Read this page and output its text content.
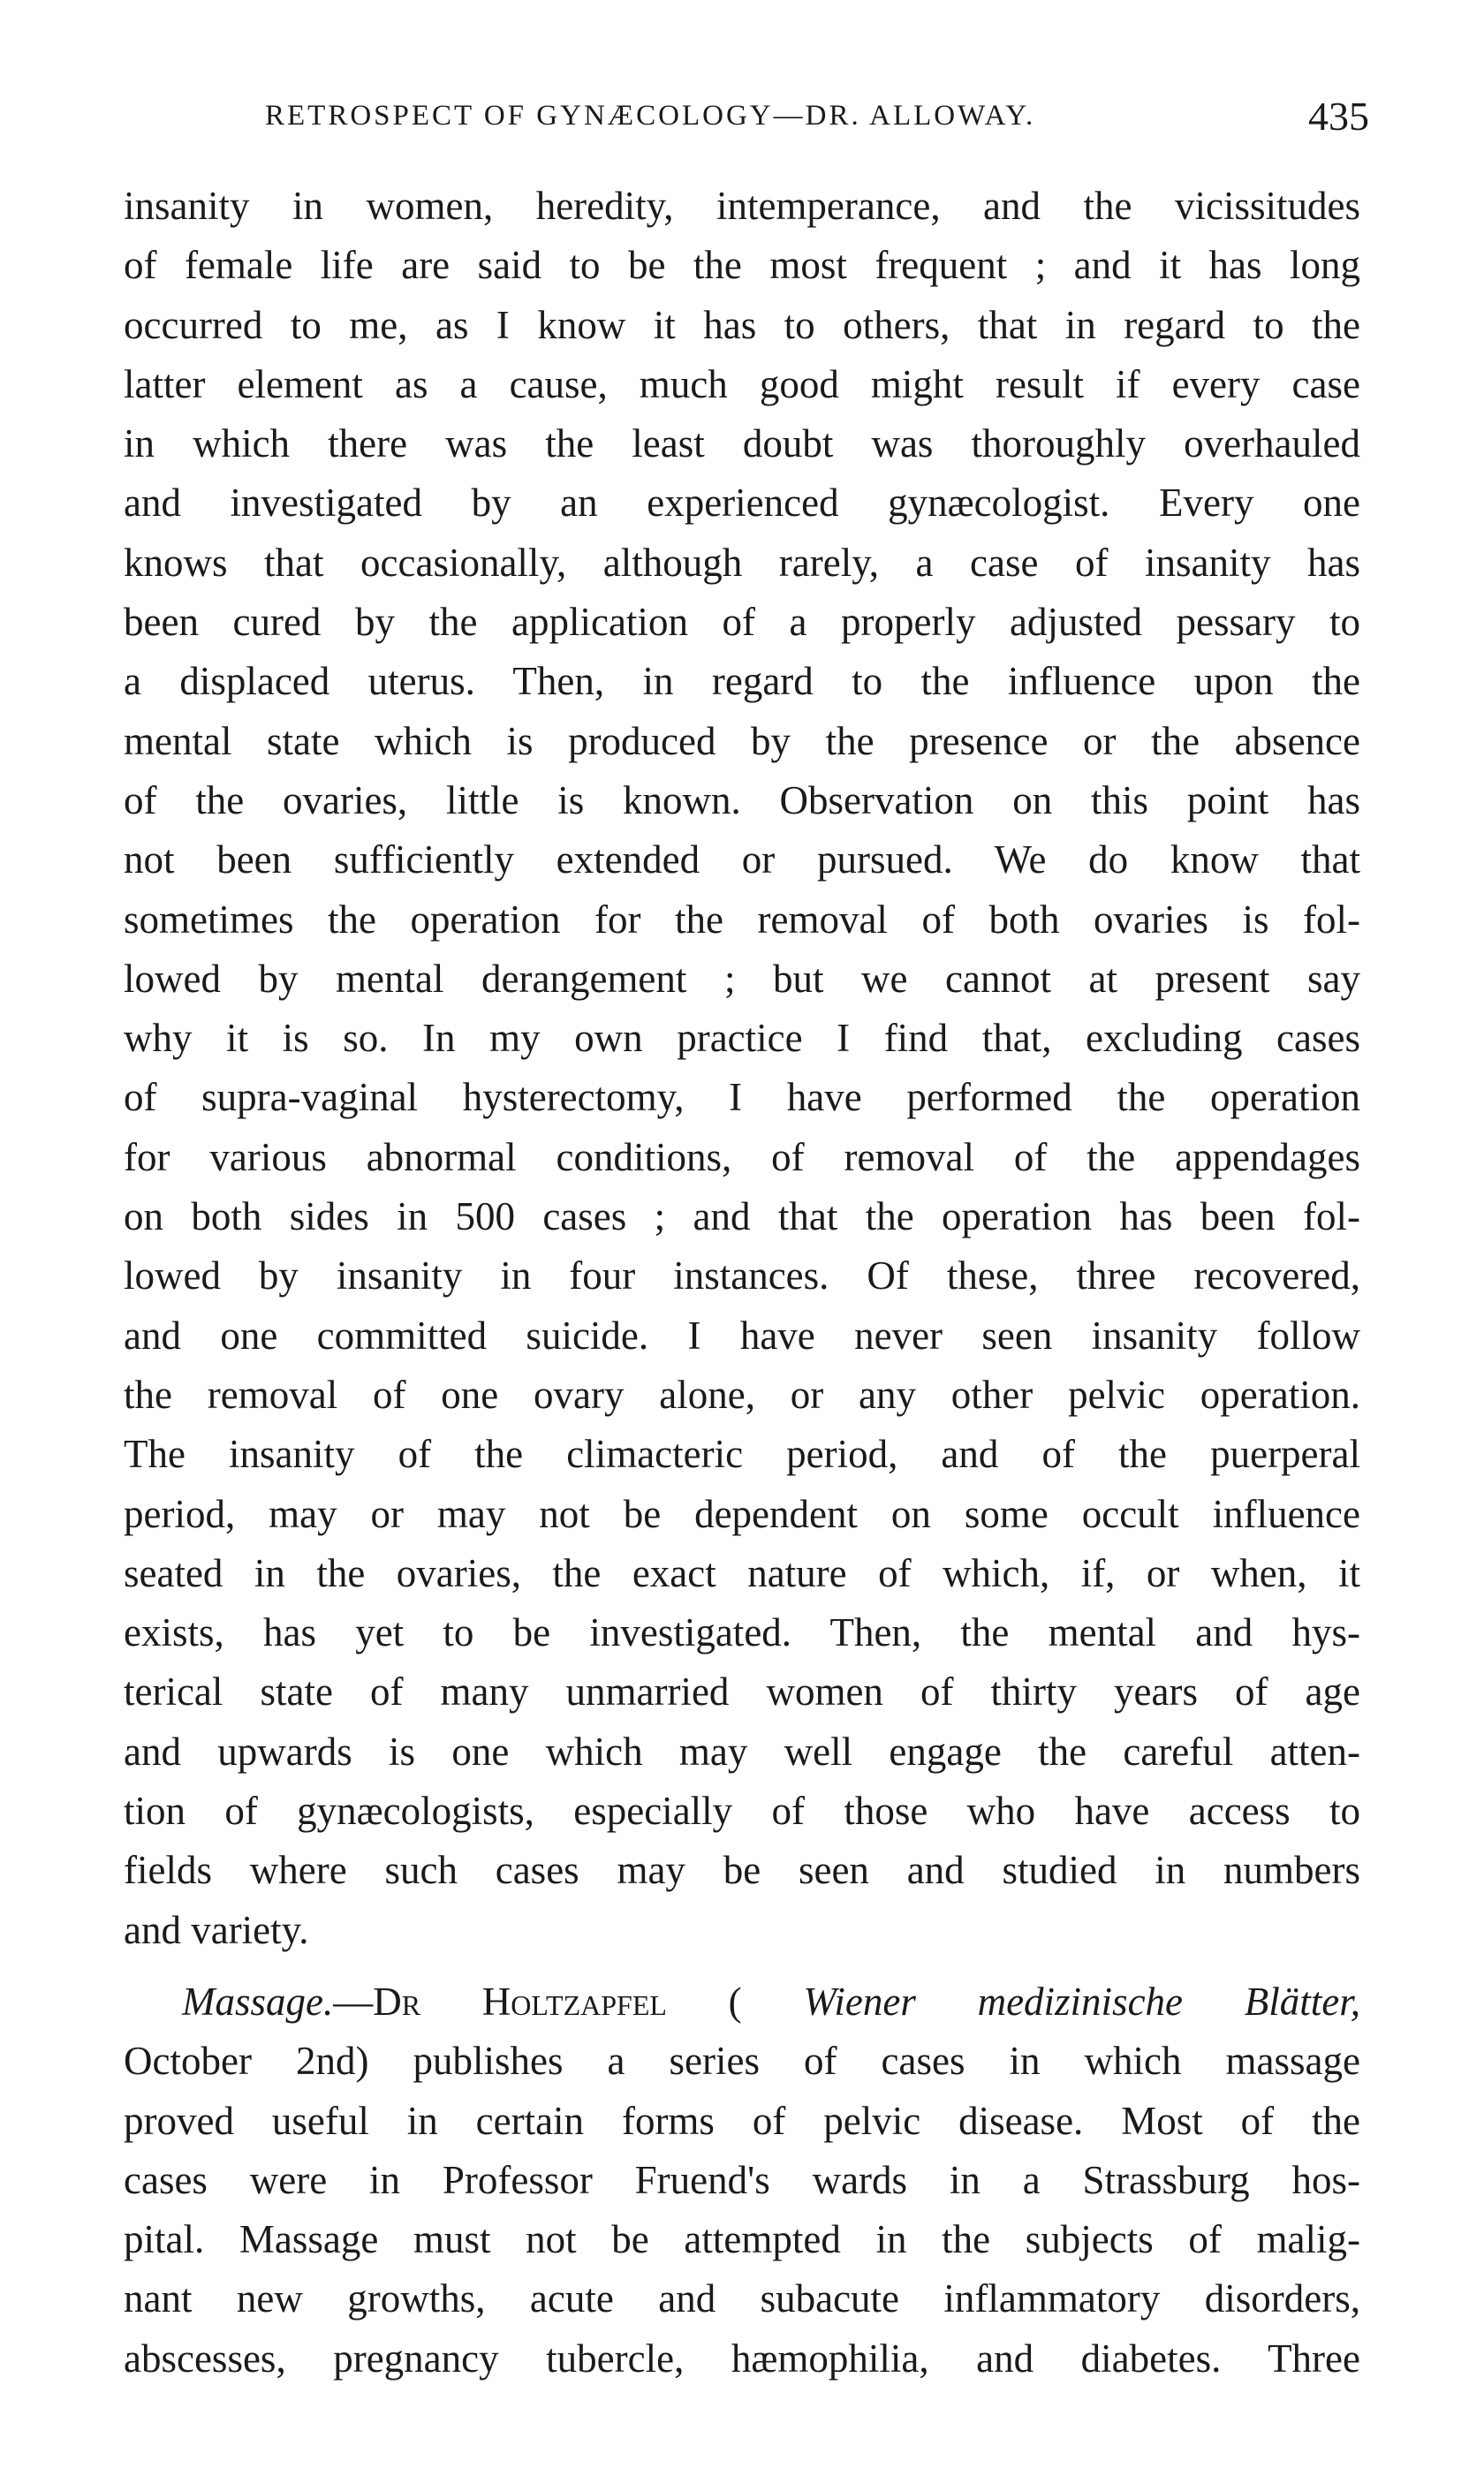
RETROSPECT OF GYNÆCOLOGY—DR. ALLOWAY.	435
insanity in women, heredity, intemperance, and the vicissitudes
of female life are said to be the most frequent ; and it has long
occurred to me, as I know it has to others, that in regard to the
latter element as a cause, much good might result if every case
in which there was the least doubt was thoroughly overhauled
and investigated by an experienced gynæcologist. Every one
knows that occasionally, although rarely, a case of insanity has
been cured by the application of a properly adjusted pessary to
a displaced uterus. Then, in regard to the influence upon the
mental state which is produced by the presence or the absence
of the ovaries, little is known. Observation on this point has
not been sufficiently extended or pursued. We do know that
sometimes the operation for the removal of both ovaries is fol-
lowed by mental derangement ; but we cannot at present say
why it is so. In my own practice I find that, excluding cases
of supra-vaginal hysterectomy, I have performed the operation
for various abnormal conditions, of removal of the appendages
on both sides in 500 cases ; and that the operation has been fol-
lowed by insanity in four instances. Of these, three recovered,
and one committed suicide. I have never seen insanity follow
the removal of one ovary alone, or any other pelvic operation.
The insanity of the climacteric period, and of the puerperal
period, may or may not be dependent on some occult influence
seated in the ovaries, the exact nature of which, if, or when, it
exists, has yet to be investigated. Then, the mental and hys-
terical state of many unmarried women of thirty years of age
and upwards is one which may well engage the careful atten-
tion of gynæcologists, especially of those who have access to
fields where such cases may be seen and studied in numbers
and variety.
Massage.—Dr Holtzapfel ( Wiener medizinische Blätter,
October 2nd) publishes a series of cases in which massage
proved useful in certain forms of pelvic disease. Most of the
cases were in Professor Fruend's wards in a Strassburg hos-
pital. Massage must not be attempted in the subjects of malig-
nant new growths, acute and subacute inflammatory disorders,
abscesses, pregnancy tubercle, hæmophilia, and diabetes. Three
